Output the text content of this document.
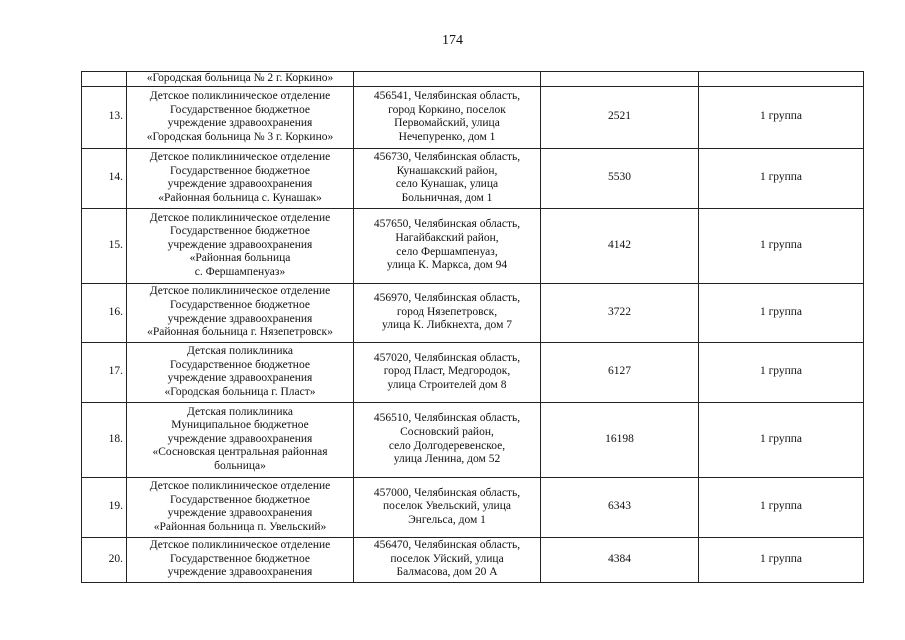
174

	«Городская больница № 2 г. Коркино»			

13.	Детское поликлиническое отделение
Государственное бюджетное
учреждение здравоохранения
«Городская больница № 3 г. Коркино»	456541, Челябинская область,
город Коркино, поселок
Первомайский, улица
Нечепуренко, дом 1	2521	1 группа
14.	Детское поликлиническое отделение
Государственное бюджетное
учреждение здравоохранения
«Районная больница с. Кунашак»	456730, Челябинская область,
Кунашакский район,
село Кунашак, улица
Больничная, дом 1	5530	1 группа
15.	Детское поликлиническое отделение
Государственное бюджетное
учреждение здравоохранения
«Районная больница
с. Фершампенуаз»	457650, Челябинская область,
Нагайбакский район,
село Фершампенуаз,
улица К. Маркса, дом 94	4142	1 группа
16.	Детское поликлиническое отделение
Государственное бюджетное
учреждение здравоохранения
«Районная больница г. Нязепетровск»	456970, Челябинская область,
город Нязепетровск,
улица К. Либкнехта, дом 7	3722	1 группа
17.	Детская поликлиника
Государственное бюджетное
учреждение здравоохранения
«Городская больница г. Пласт»	457020, Челябинская область,
город Пласт, Медгородок,
улица Строителей дом 8	6127	1 группа
18.	Детская поликлиника
Муниципальное бюджетное
учреждение здравоохранения
«Сосновская центральная районная
больница»	456510, Челябинская область,
Сосновский район,
село Долгодеревенское,
улица Ленина, дом 52	16198	1 группа
19.	Детское поликлиническое отделение
Государственное бюджетное
учреждение здравоохранения
«Районная больница п. Увельский»	457000, Челябинская область,
поселок Увельский, улица
Энгельса, дом 1	6343	1 группа
20.	Детское поликлиническое отделение
Государственное бюджетное
учреждение здравоохранения	456470, Челябинская область,
поселок Уйский, улица
Балмасова, дом 20 А	4384	1 группа
